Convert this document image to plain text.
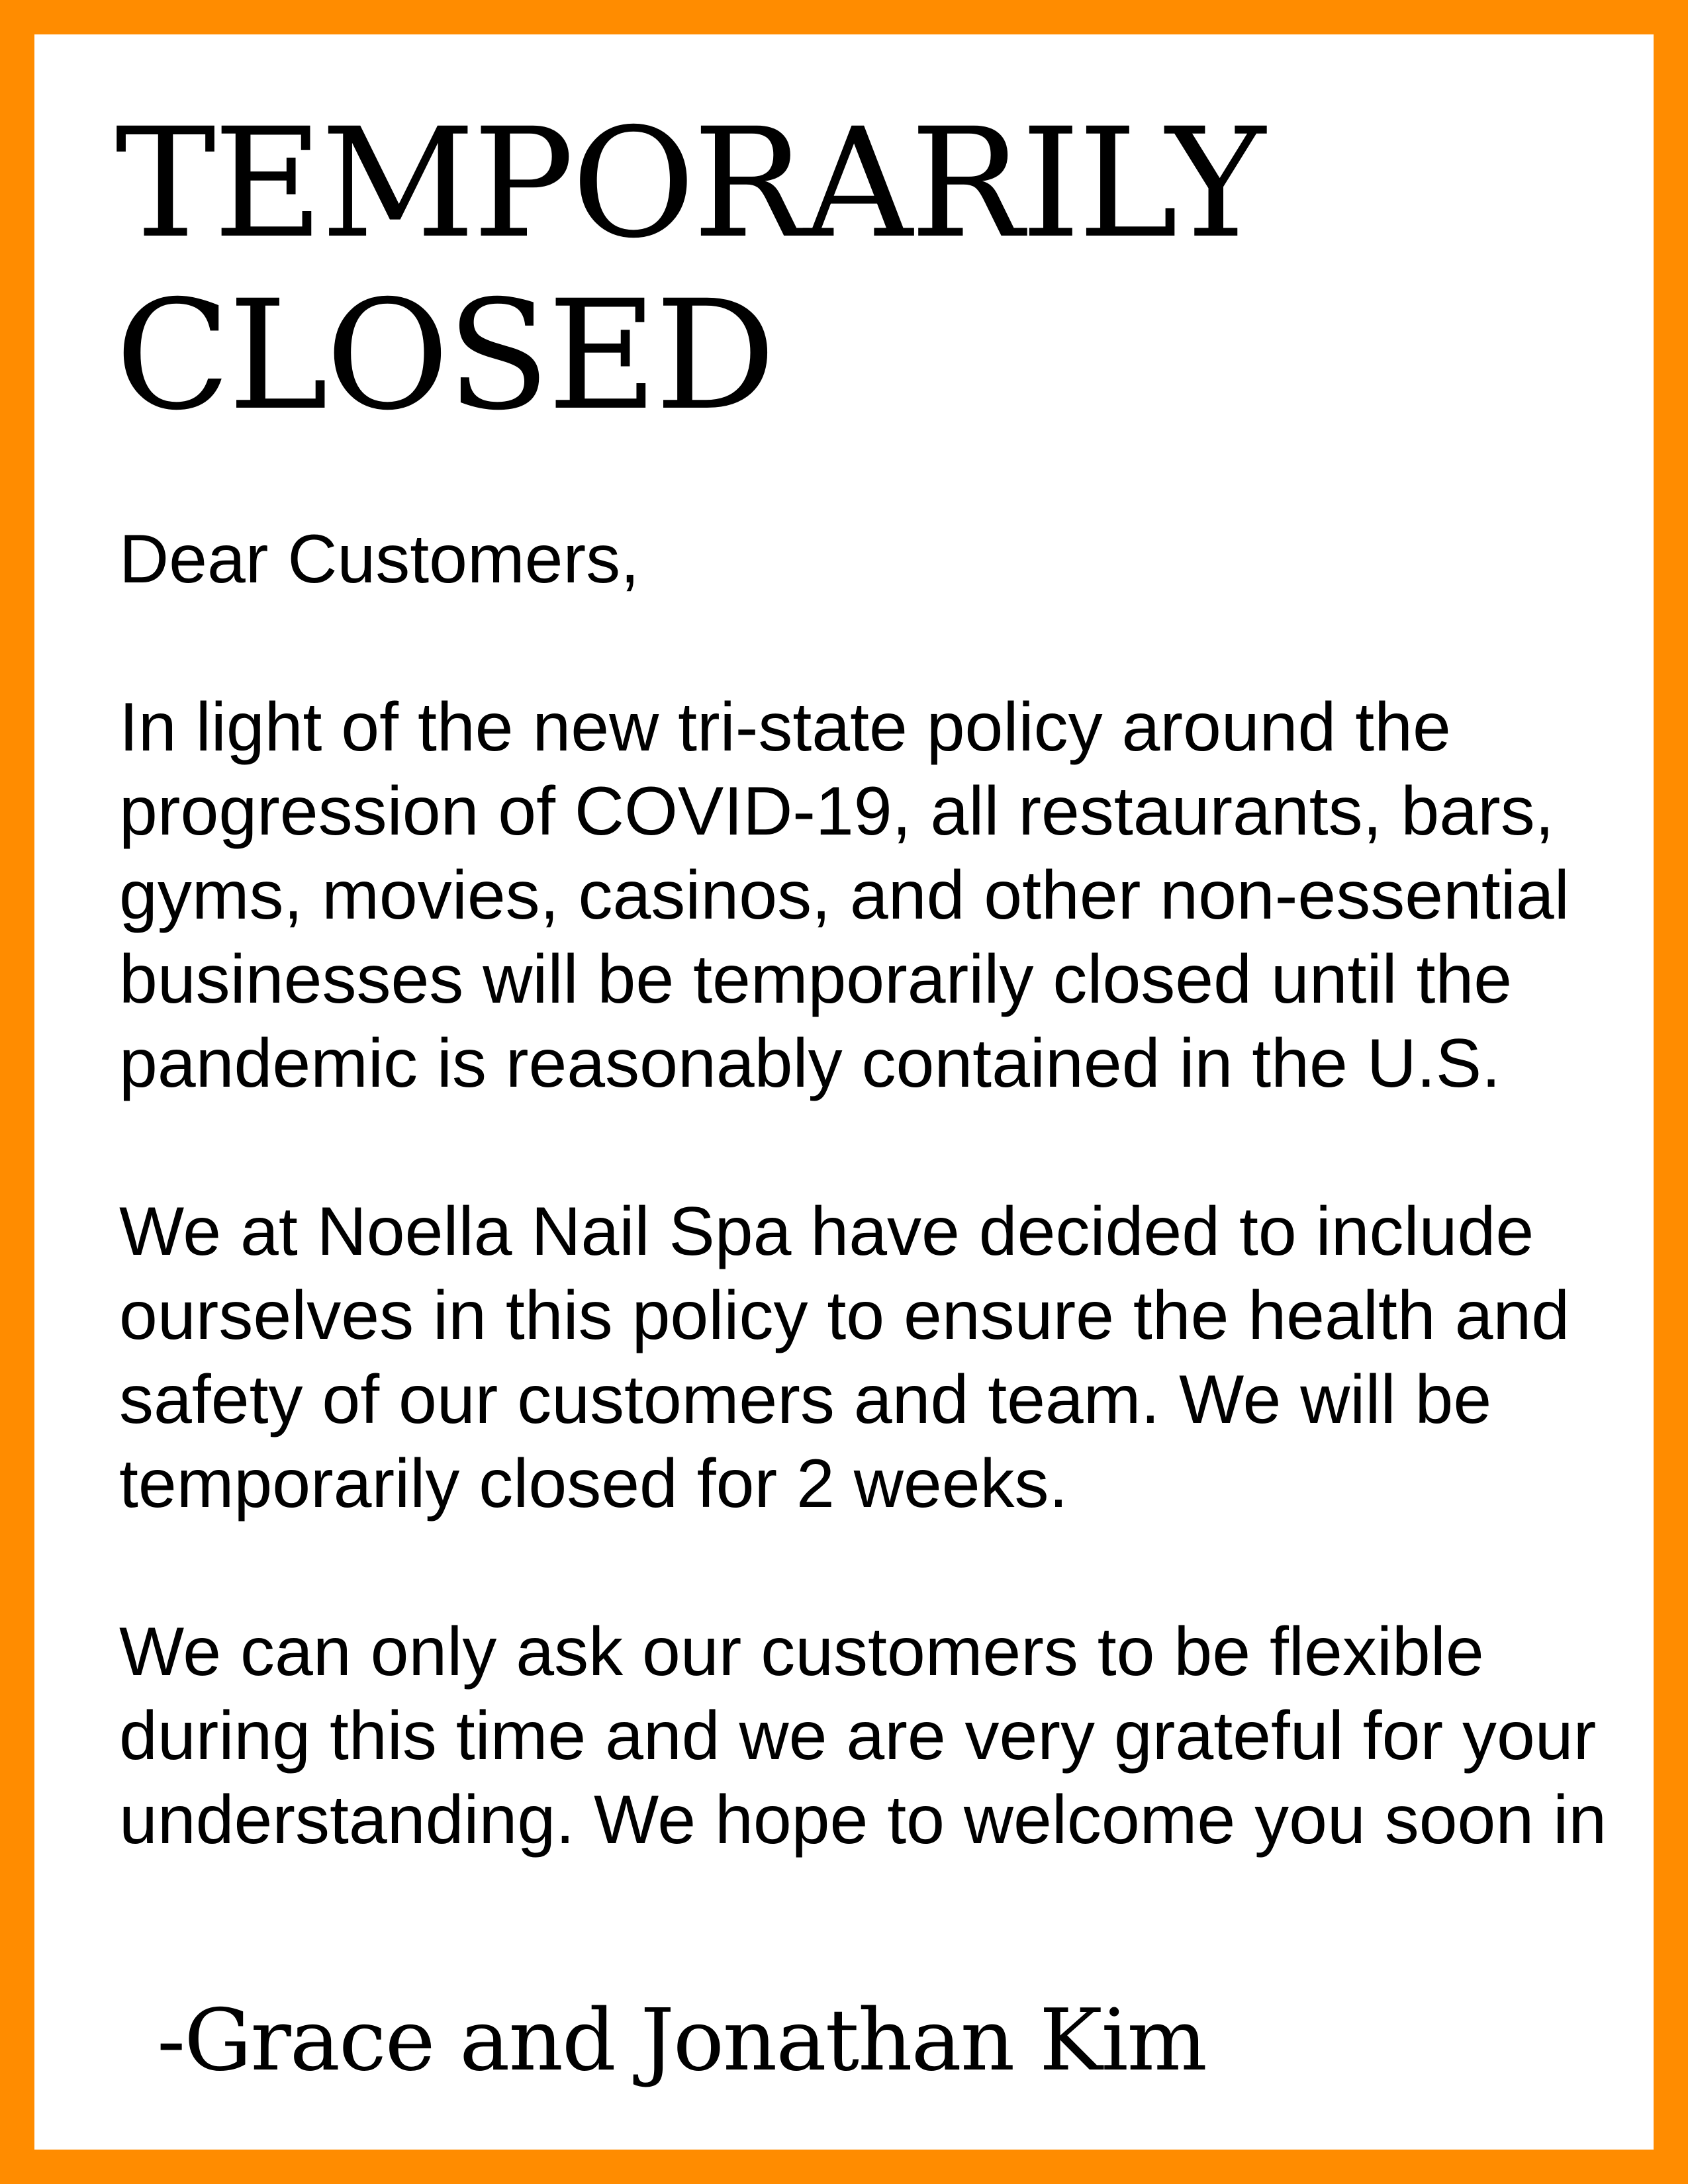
TEMPORARILY
CLOSED

Dear Customers,

In light of the new tri-state policy around the
progression of COVID-19, all restaurants, bars,
gyms, movies, casinos, and other non-essential
businesses will be temporarily closed until the
pandemic is reasonably contained in the U.S.

We at Noella Nail Spa have decided to include
ourselves in this policy to ensure the health and
safety of our customers and team. We will be
temporarily closed for 2 weeks.

We can only ask our customers to be flexible
during this time and we are very grateful for your
understanding. We hope to welcome you soon in

-Grace and Jonathan Kim
